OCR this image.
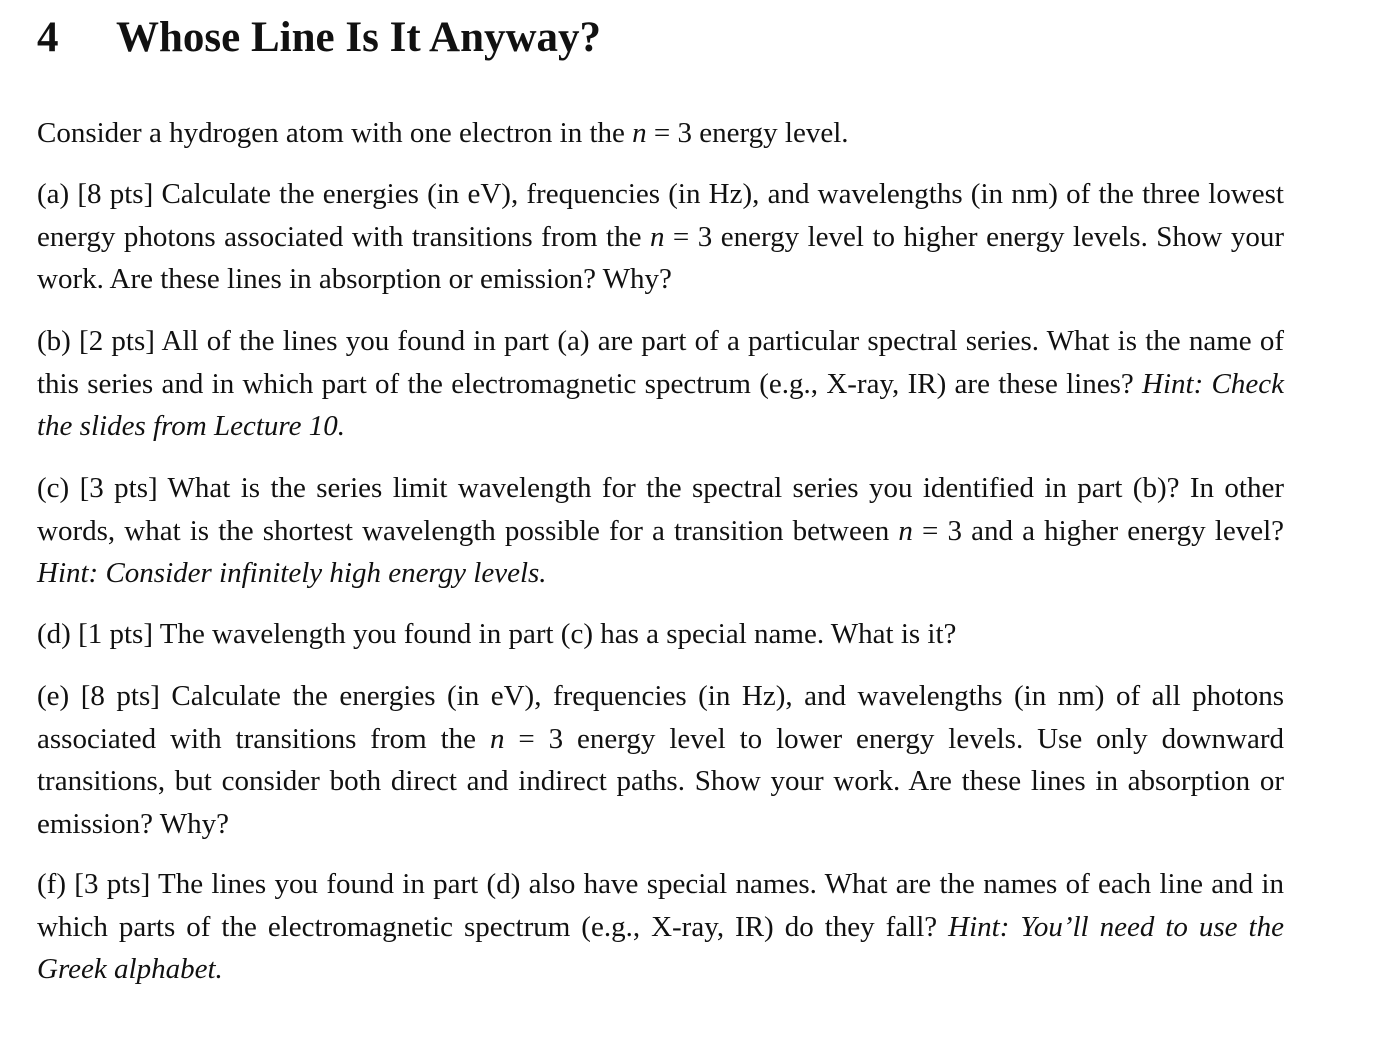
4 Whose Line Is It Anyway?

Consider a hydrogen atom with one electron in the n = 3 energy level.

(a) [8 pts] Calculate the energies (in eV), frequencies (in Hz), and wavelengths (in nm) of the three lowest energy photons associated with transitions from the n = 3 energy level to higher energy levels. Show your work. Are these lines in absorption or emission? Why?

(b) [2 pts] All of the lines you found in part (a) are part of a particular spectral series. What is the name of this series and in which part of the electromagnetic spectrum (e.g., X-ray, IR) are these lines? Hint: Check the slides from Lecture 10.

(c) [3 pts] What is the series limit wavelength for the spectral series you identified in part (b)? In other words, what is the shortest wavelength possible for a transition between n = 3 and a higher energy level? Hint: Consider infinitely high energy levels.

(d) [1 pts] The wavelength you found in part (c) has a special name. What is it?

(e) [8 pts] Calculate the energies (in eV), frequencies (in Hz), and wavelengths (in nm) of all photons associated with transitions from the n = 3 energy level to lower energy levels. Use only downward transitions, but consider both direct and indirect paths. Show your work. Are these lines in absorption or emission? Why?

(f) [3 pts] The lines you found in part (d) also have special names. What are the names of each line and in which parts of the electromagnetic spectrum (e.g., X-ray, IR) do they fall? Hint: You’ll need to use the Greek alphabet.
